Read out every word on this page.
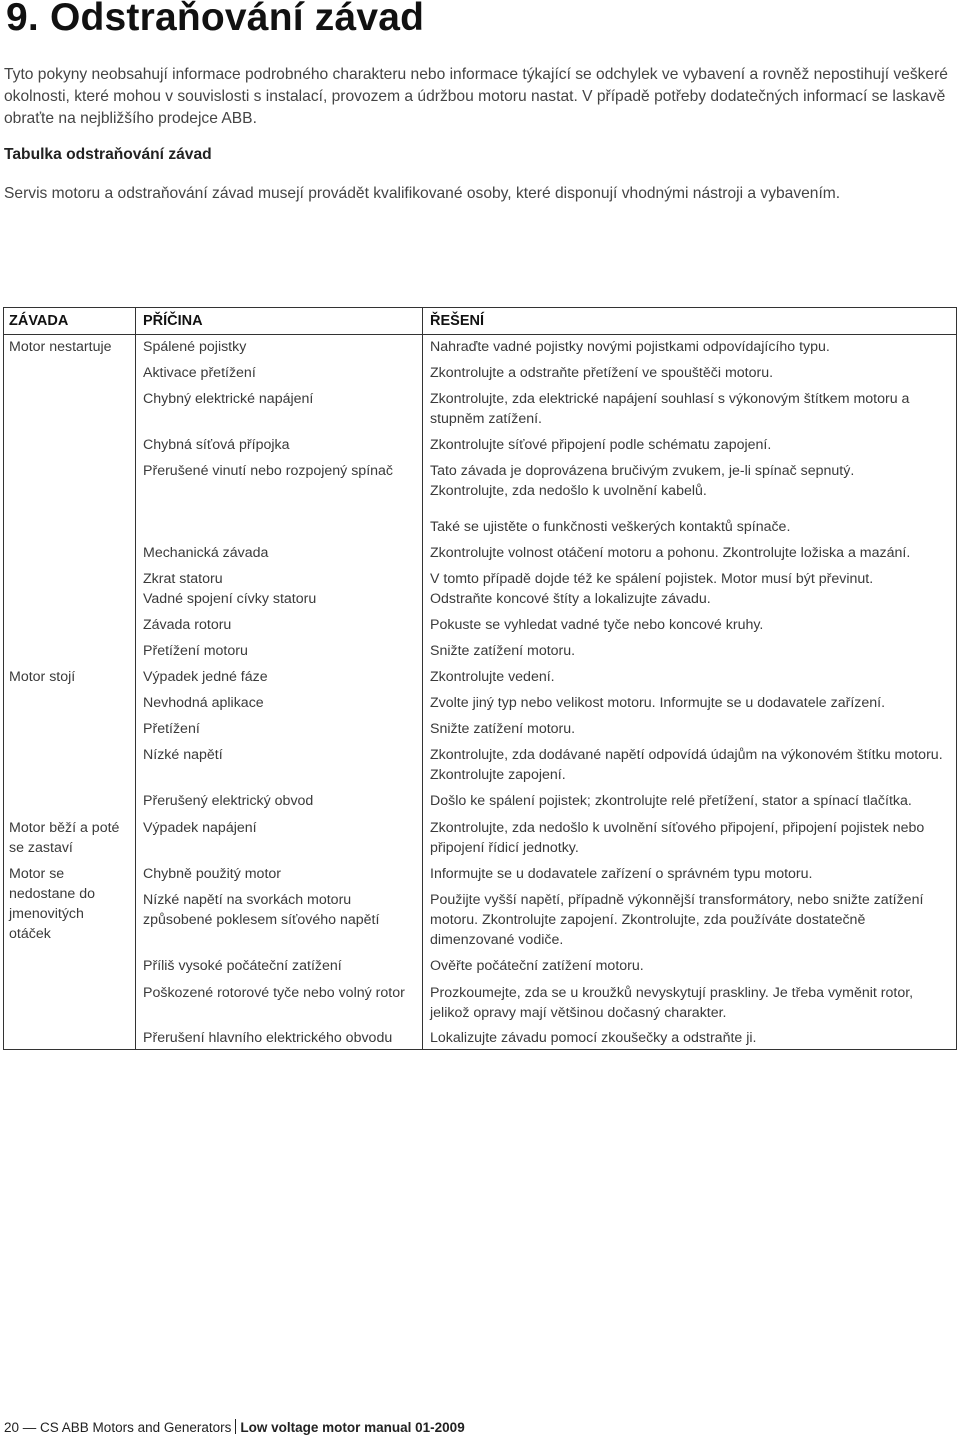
9. Odstraňování závad

Tyto pokyny neobsahují informace podrobného charakteru nebo informace týkající se odchylek ve vybavení a rovněž nepostihují veškeré okolnosti, které mohou v souvislosti s instalací, provozem a údržbou motoru nastat. V případě potřeby dodatečných informací se laskavě obraťte na nejbližšího prodejce ABB.

Tabulka odstraňování závad

Servis motoru a odstraňování závad musejí provádět kvalifikované osoby, které disponují vhodnými nástroji a vybavením.

ZÁVADA	PŘÍČINA	ŘEŠENÍ

Motor nestartuje

Motor stojí

Motor běží a poté se zastaví

Motor se nedostane do jmenovitých otáček

Spálené pojistky

Aktivace přetížení

Chybný elektrické napájení

Chybná síťová přípojka

Přerušené vinutí nebo rozpojený spínač

Mechanická závada

Zkrat statoru
Vadné spojení cívky statoru

Závada rotoru

Přetížení motoru

Výpadek jedné fáze

Nevhodná aplikace

Přetížení

Nízké napětí

Přerušený elektrický obvod

Výpadek napájení

Chybně použitý motor

Nízké napětí na svorkách motoru způsobené poklesem síťového napětí

Příliš vysoké počáteční zatížení

Poškozené rotorové tyče nebo volný rotor

Přerušení hlavního elektrického obvodu

Nahraďte vadné pojistky novými pojistkami odpovídajícího typu.

Zkontrolujte a odstraňte přetížení ve spouštěči motoru.

Zkontrolujte, zda elektrické napájení souhlasí s výkonovým štítkem motoru a stupněm zatížení.

Zkontrolujte síťové připojení podle schématu zapojení.

Tato závada je doprovázena bručivým zvukem, je-li spínač sepnutý.
Zkontrolujte, zda nedošlo k uvolnění kabelů.

Také se ujistěte o funkčnosti veškerých kontaktů spínače.

Zkontrolujte volnost otáčení motoru a pohonu. Zkontrolujte ložiska a mazání.

V tomto případě dojde též ke spálení pojistek. Motor musí být převinut.
Odstraňte koncové štíty a lokalizujte závadu.

Pokuste se vyhledat vadné tyče nebo koncové kruhy.

Snižte zatížení motoru.

Zkontrolujte vedení.

Zvolte jiný typ nebo velikost motoru. Informujte se u dodavatele zařízení.

Snižte zatížení motoru.

Zkontrolujte, zda dodávané napětí odpovídá údajům na výkonovém štítku motoru. Zkontrolujte zapojení.

Došlo ke spálení pojistek; zkontrolujte relé přetížení, stator a spínací tlačítka.

Zkontrolujte, zda nedošlo k uvolnění síťového připojení, připojení pojistek nebo připojení řídicí jednotky.

Informujte se u dodavatele zařízení o správném typu motoru.

Použijte vyšší napětí, případně výkonnější transformátory, nebo snižte zatížení motoru. Zkontrolujte zapojení. Zkontrolujte, zda používáte dostatečně dimenzované vodiče.

Ověřte počáteční zatížení motoru.

Prozkoumejte, zda se u kroužků nevyskytují praskliny. Je třeba vyměnit rotor, jelikož opravy mají většinou dočasný charakter.

Lokalizujte závadu pomocí zkoušečky a odstraňte ji.

20 — CS ABB Motors and Generators Low voltage motor manual 01-2009
